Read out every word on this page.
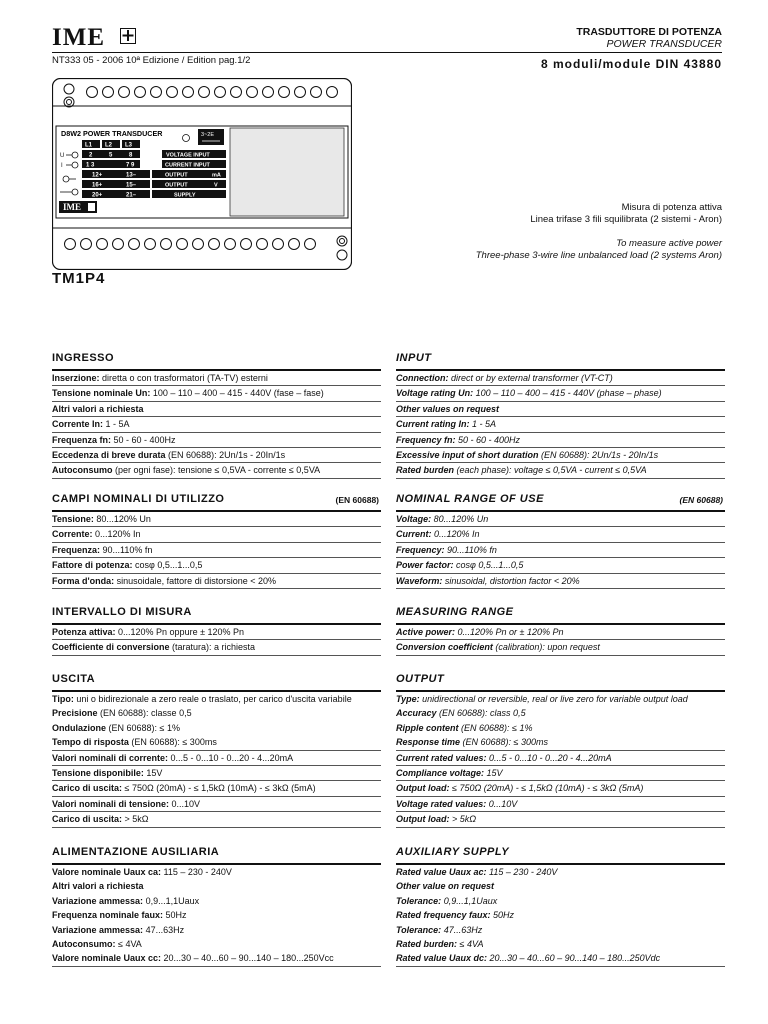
IME
NT333 05 - 2006 10ª Edizione / Edition pag.1/2
TRASDUTTORE DI POTENZA
POWER TRANSDUCER
8 moduli/module DIN 43880
D8W2 POWER TRANSDUCER	3~2E
L1 L2 L3
2	5	8	VOLTAGE INPUT
1 3	7 9	CURRENT INPUT
12+	13–	OUTPUT	mA
16+	15–	OUTPUT	V
20+	21–	SUPPLY
U
I
IME	Misura di potenza attiva
Linea trifase 3 fili squilibrata (2 sistemi - Aron)
To measure active power
Three-phase 3-wire line unbalanced load (2 systems Aron)
TM1P4
INGRESSO
Inserzione: diretta o con trasformatori (TA-TV) esterni
Tensione nominale Un: 100 – 110 – 400 – 415 - 440V (fase – fase)
Altri valori a richiesta
Corrente In: 1 - 5A
Frequenza fn: 50 - 60 - 400Hz
Eccedenza di breve durata (EN 60688): 2Un/1s - 20In/1s
Autoconsumo (per ogni fase): tensione ≤ 0,5VA - corrente ≤ 0,5VA
CAMPI NOMINALI DI UTILIZZO	(EN 60688)
Tensione: 80...120% Un
Corrente: 0...120% In
Frequenza: 90...110% fn
Fattore di potenza: cosφ 0,5...1...0,5
Forma d'onda: sinusoidale, fattore di distorsione < 20%
INTERVALLO DI MISURA
Potenza attiva: 0...120% Pn oppure ± 120% Pn
Coefficiente di conversione (taratura): a richiesta
USCITA
Tipo: uni o bidirezionale a zero reale o traslato, per carico d'uscita variabile
Precisione (EN 60688): classe 0,5
Ondulazione (EN 60688): ≤ 1%
Tempo di risposta (EN 60688): ≤ 300ms
Valori nominali di corrente: 0...5 - 0...10 - 0...20 - 4...20mA
Tensione disponibile: 15V
Carico di uscita: ≤ 750Ω (20mA) - ≤ 1,5kΩ (10mA) - ≤ 3kΩ (5mA)
Valori nominali di tensione: 0...10V
Carico di uscita: > 5kΩ
ALIMENTAZIONE AUSILIARIA
Valore nominale Uaux ca: 115 – 230 - 240V
Altri valori a richiesta
Variazione ammessa: 0,9...1,1Uaux
Frequenza nominale faux: 50Hz
Variazione ammessa: 47...63Hz
Autoconsumo: ≤ 4VA
Valore nominale Uaux cc: 20...30 – 40...60 – 90...140 – 180...250Vcc
INPUT
Connection: direct or by external transformer (VT-CT)
Voltage rating Un: 100 – 110 – 400 – 415 - 440V (phase – phase)
Other values on request
Current rating In: 1 - 5A
Frequency fn: 50 - 60 - 400Hz
Excessive input of short duration (EN 60688): 2Un/1s - 20In/1s
Rated burden (each phase): voltage ≤ 0,5VA - current ≤ 0,5VA
NOMINAL RANGE OF USE	(EN 60688)
Voltage: 80...120% Un
Current: 0...120% In
Frequency: 90...110% fn
Power factor: cosφ 0,5...1...0,5
Waveform: sinusoidal, distortion factor < 20%
MEASURING RANGE
Active power: 0...120% Pn or ± 120% Pn
Conversion coefficient (calibration): upon request
OUTPUT
Type: unidirectional or reversible, real or live zero for variable output load
Accuracy (EN 60688): class 0,5
Ripple content (EN 60688): ≤ 1%
Response time (EN 60688): ≤ 300ms
Current rated values: 0...5 - 0...10 - 0...20 - 4...20mA
Compliance voltage: 15V
Output load: ≤ 750Ω (20mA) - ≤ 1,5kΩ (10mA) - ≤ 3kΩ (5mA)
Voltage rated values: 0...10V
Output load: > 5kΩ
AUXILIARY SUPPLY
Rated value Uaux ac: 115 – 230 - 240V
Other value on request
Tolerance: 0,9...1,1Uaux
Rated frequency faux: 50Hz
Tolerance: 47...63Hz
Rated burden: ≤ 4VA
Rated value Uaux dc: 20...30 – 40...60 – 90...140 – 180...250Vdc
